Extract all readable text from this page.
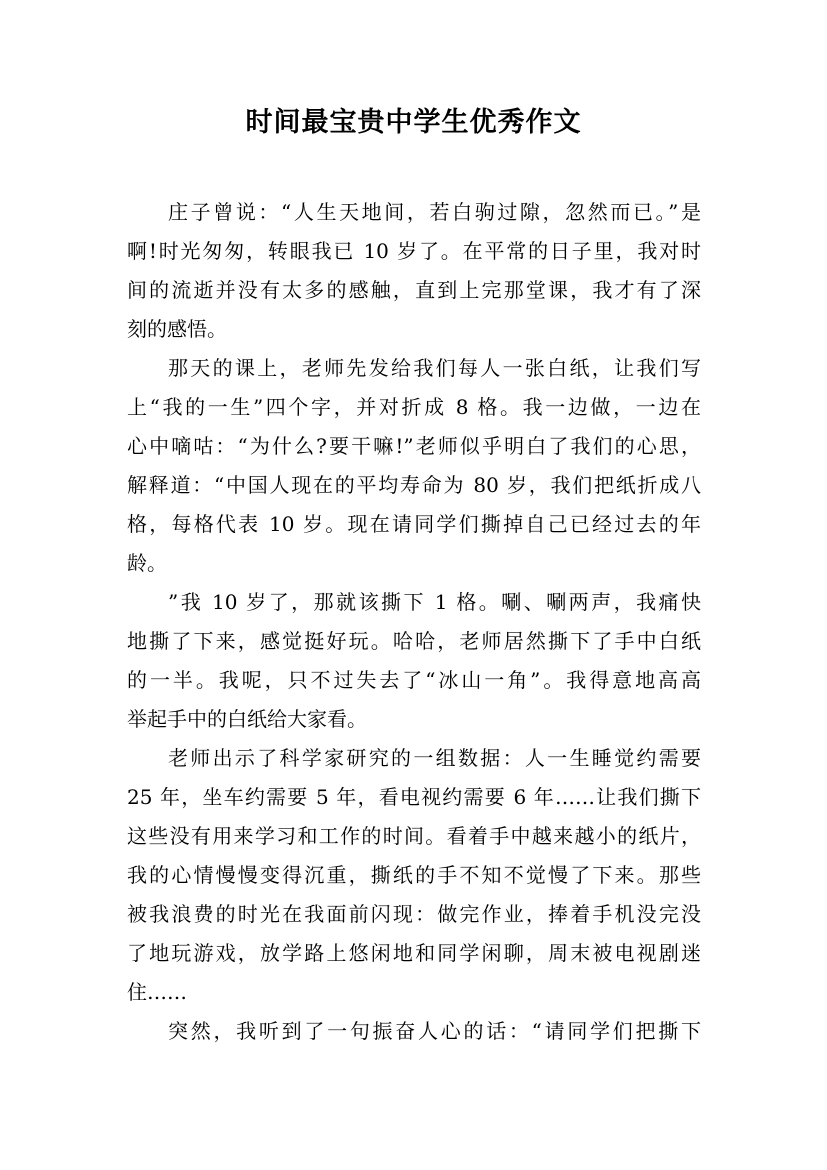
时间最宝贵中学生优秀作文

庄子曾说：“人生天地间，若白驹过隙，忽然而已。”是

啊!时光匆匆，转眼我已 10 岁了。在平常的日子里，我对时

间的流逝并没有太多的感触，直到上完那堂课，我才有了深

刻的感悟。

那天的课上，老师先发给我们每人一张白纸，让我们写

上“我的一生”四个字，并对折成 8 格。我一边做，一边在

心中嘀咕：“为什么?要干嘛!”老师似乎明白了我们的心思，

解释道：“中国人现在的平均寿命为 80 岁，我们把纸折成八

格，每格代表 10 岁。现在请同学们撕掉自己已经过去的年

龄。

”我 10 岁了，那就该撕下 1 格。唰、唰两声，我痛快

地撕了下来，感觉挺好玩。哈哈，老师居然撕下了手中白纸

的一半。我呢，只不过失去了“冰山一角”。我得意地高高

举起手中的白纸给大家看。

老师出示了科学家研究的一组数据：人一生睡觉约需要

25 年，坐车约需要 5 年，看电视约需要 6 年……让我们撕下

这些没有用来学习和工作的时间。看着手中越来越小的纸片，

我的心情慢慢变得沉重，撕纸的手不知不觉慢了下来。那些

被我浪费的时光在我面前闪现：做完作业，捧着手机没完没

了地玩游戏，放学路上悠闲地和同学闲聊，周末被电视剧迷

住……

突然，我听到了一句振奋人心的话：“请同学们把撕下
